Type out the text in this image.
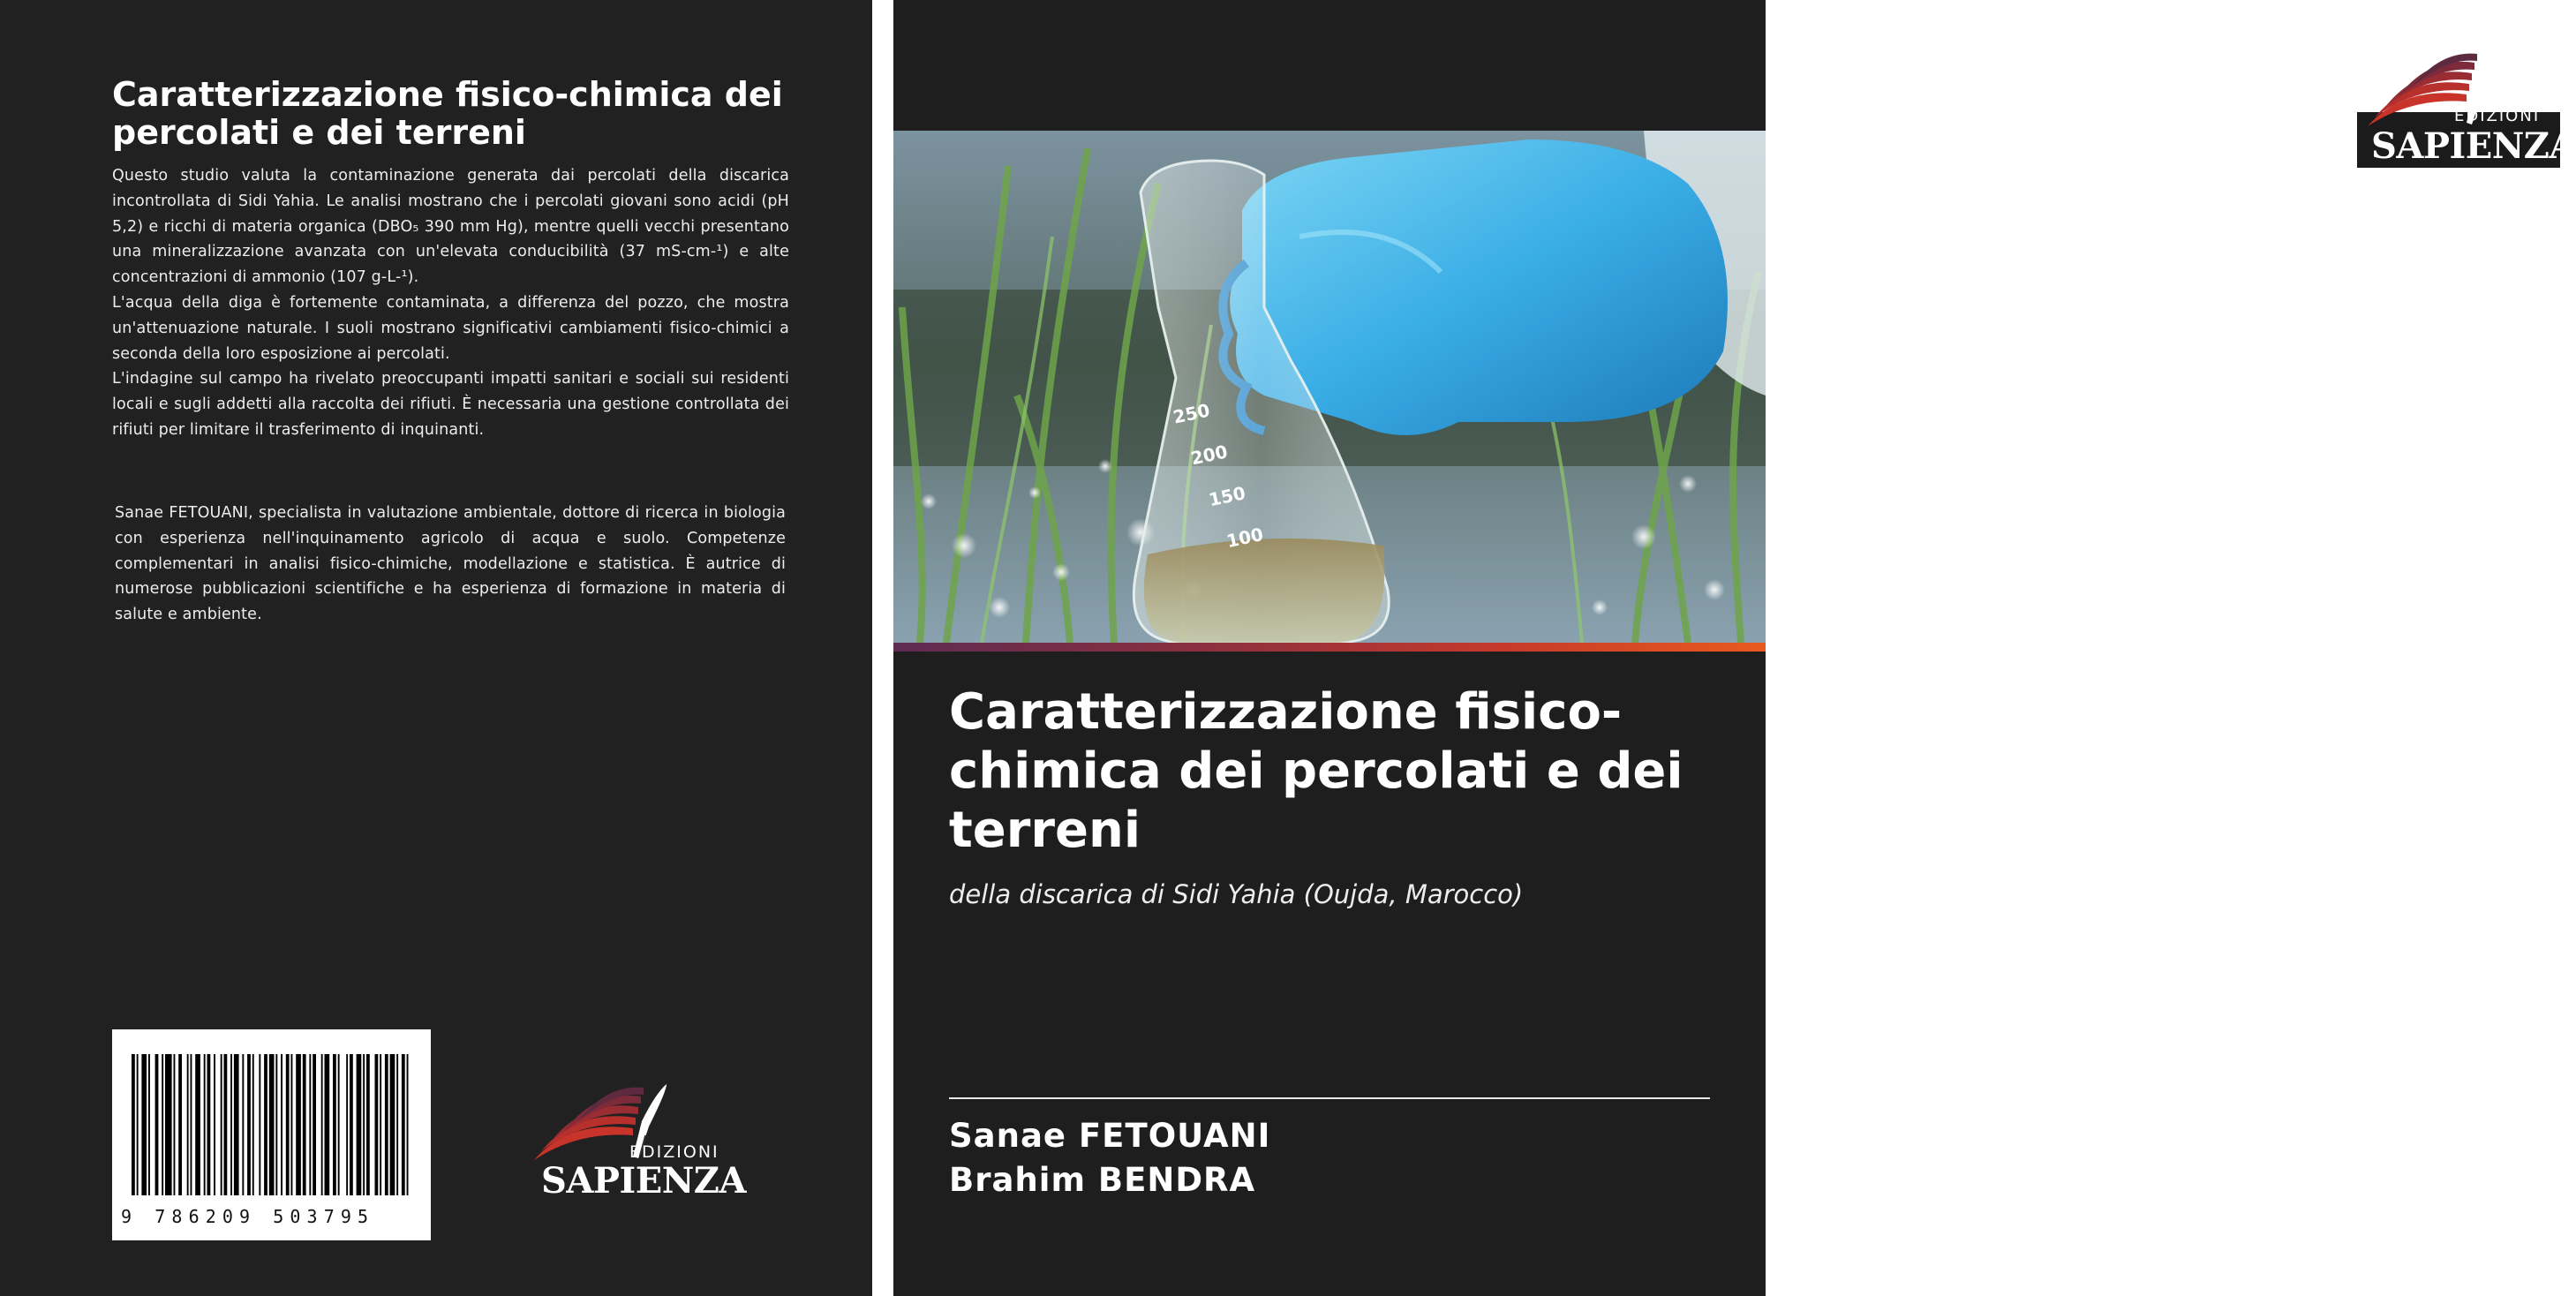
Caratterizzazione fisico-chimica dei percolati e dei terreni

Questo studio valuta la contaminazione generata dai percolati della discarica incontrollata di Sidi Yahia. Le analisi mostrano che i percolati giovani sono acidi (pH 5,2) e ricchi di materia organica (DBO₅ 390 mm Hg), mentre quelli vecchi presentano una mineralizzazione avanzata con un'elevata conducibilità (37 mS-cm-¹) e alte concentrazioni di ammonio (107 g-L-¹).

L'acqua della diga è fortemente contaminata, a differenza del pozzo, che mostra un'attenuazione naturale. I suoli mostrano significativi cambiamenti fisico-chimici a seconda della loro esposizione ai percolati.

L'indagine sul campo ha rivelato preoccupanti impatti sanitari e sociali sui residenti locali e sugli addetti alla raccolta dei rifiuti. È necessaria una gestione controllata dei rifiuti per limitare il trasferimento di inquinanti.

Sanae FETOUANI, specialista in valutazione ambientale, dottore di ricerca in biologia con esperienza nell'inquinamento agricolo di acqua e suolo. Competenze complementari in analisi fisico-chimiche, modellazione e statistica. È autrice di numerose pubblicazioni scientifiche e ha esperienza di formazione in materia di salute e ambiente.
9 786209 503795
EDIZIONI
SAPIENZA
250
200
150
100
EDIZIONI
SAPIENZA
Caratterizzazione fisico-chimica dei percolati e dei terreni
della discarica di Sidi Yahia (Oujda, Marocco)
Sanae FETOUANI
Brahim BENDRA
